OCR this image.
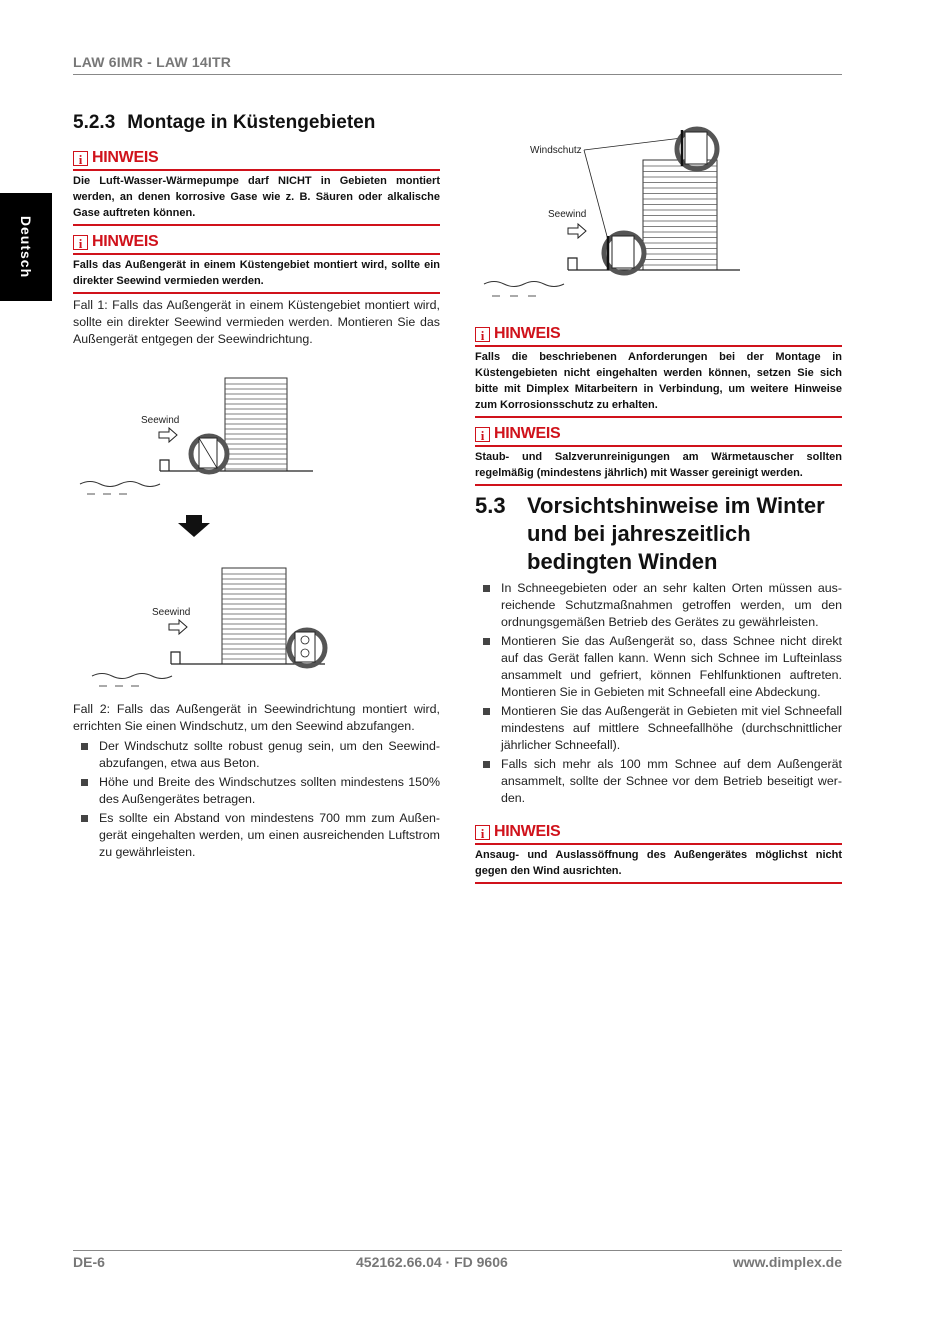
LAW 6IMR - LAW 14ITR
Deutsch
5.2.3 Montage in Küstengebieten
i HINWEIS
Die Luft-Wasser-Wärmepumpe darf NICHT in Gebieten montiert werden, an denen korrosive Gase wie z. B. Säuren oder alkalische Gase auftreten können.
i HINWEIS
Falls das Außengerät in einem Küstengebiet montiert wird, sollte ein direkter Seewind vermieden werden.
Fall 1: Falls das Außengerät in einem Küstengebiet montiert wird, sollte ein direkter Seewind vermieden werden. Montieren Sie das Außengerät entgegen der Seewindrichtung.
Seewind
Seewind
Fall 2: Falls das Außengerät in Seewindrichtung montiert wird, errichten Sie einen Windschutz, um den Seewind abzufangen.
Der Windschutz sollte robust genug sein, um den Seewindabzufangen, etwa aus Beton.
Höhe und Breite des Windschutzes sollten mindestens 150% des Außengerätes betragen.
Es sollte ein Abstand von mindestens 700 mm zum Außengerät eingehalten werden, um einen ausreichenden Luftstrom zu gewährleisten.
Windschutz
Seewind
i HINWEIS
Falls die beschriebenen Anforderungen bei der Montage in Küstengebieten nicht eingehalten werden können, setzen Sie sich bitte mit Dimplex Mitarbeitern in Verbindung, um weitere Hinweise zum Korrosionsschutz zu erhalten.
i HINWEIS
Staub- und Salzverunreinigungen am Wärmetauscher sollten regelmäßig (mindestens jährlich) mit Wasser gereinigt werden.
5.3 Vorsichtshinweise im Winter
und bei jahreszeitlich
bedingten Winden
In Schneegebieten oder an sehr kalten Orten müssen ausreichende Schutzmaßnahmen getroffen werden, um den ordnungsgemäßen Betrieb des Gerätes zu gewährleisten.
Montieren Sie das Außengerät so, dass Schnee nicht direkt auf das Gerät fallen kann. Wenn sich Schnee im Lufteinlass ansammelt und gefriert, können Fehlfunktionen auftreten. Montieren Sie in Gebieten mit Schneefall eine Abdeckung.
Montieren Sie das Außengerät in Gebieten mit viel Schneefall mindestens auf mittlere Schneefallhöhe (durchschnittlicher jährlicher Schneefall).
Falls sich mehr als 100 mm Schnee auf dem Außengerät ansammelt, sollte der Schnee vor dem Betrieb beseitigt werden.
i HINWEIS
Ansaug- und Auslassöffnung des Außengerätes möglichst nicht gegen den Wind ausrichten.
DE-6	452162.66.04 · FD 9606	www.dimplex.de
